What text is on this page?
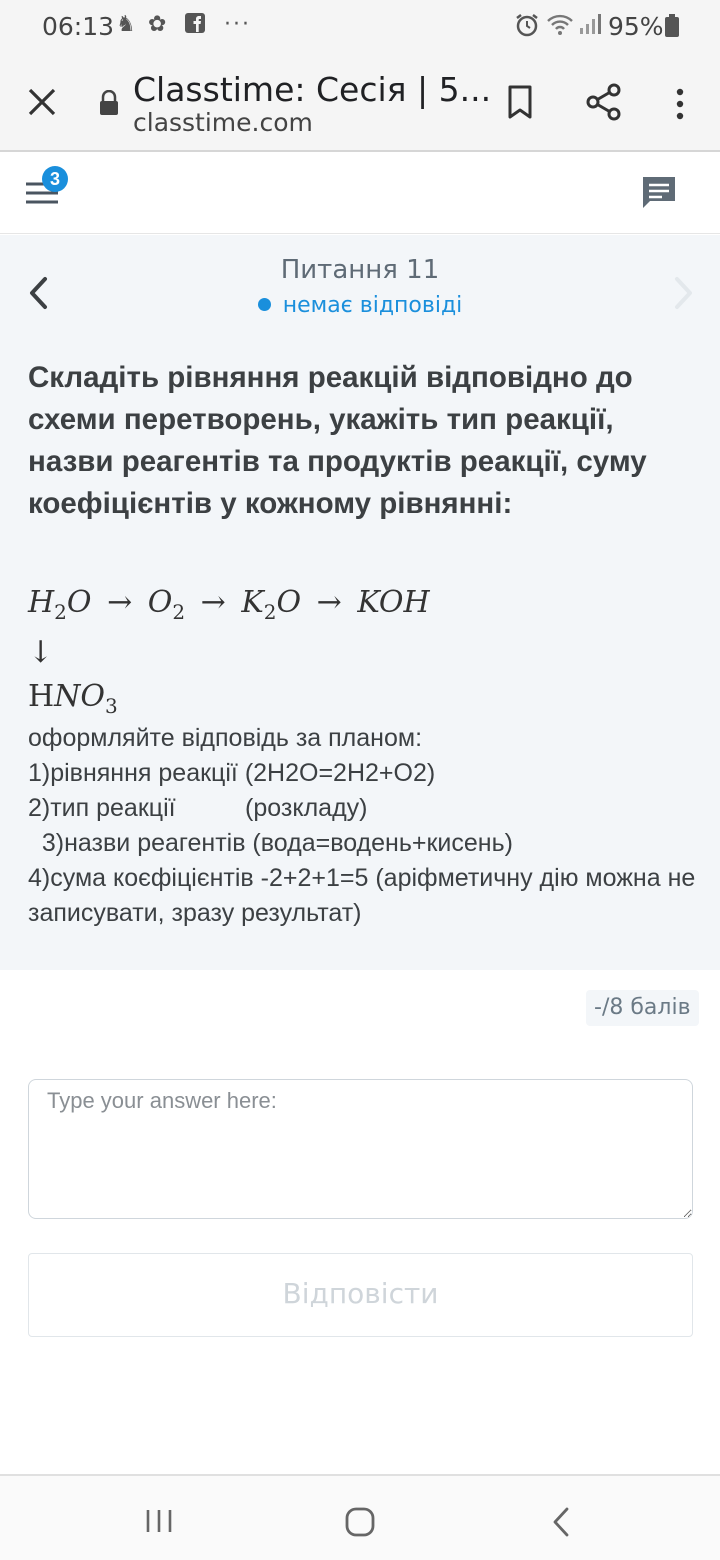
06:13 ♞ ✿	···	95%
Classtime: Сесія | 5...
classtime.com
3
Питання 11
немає відповіді
Складіть рівняння реакцій відповідно до схеми перетворень, укажіть тип реакції, назви реагентів та продуктів реакції, суму коефіцієнтів у кожному рівнянні:
$H_2O \to O_2 \to K_2O$ → KOH
↓
$HNO_3$
оформляйте відповідь за планом:
1)рівняння реакції (2H2O=2H2+O2)
2)тип реакції          (розкладу)
3)назви реагентів (вода=водень+кисень)
4)сума коєфіцієнтів -2+2+1=5 (аріфметичну дію можна не записувати, зразу результат)
-/8 балів
Type your answer here:
Відповісти
